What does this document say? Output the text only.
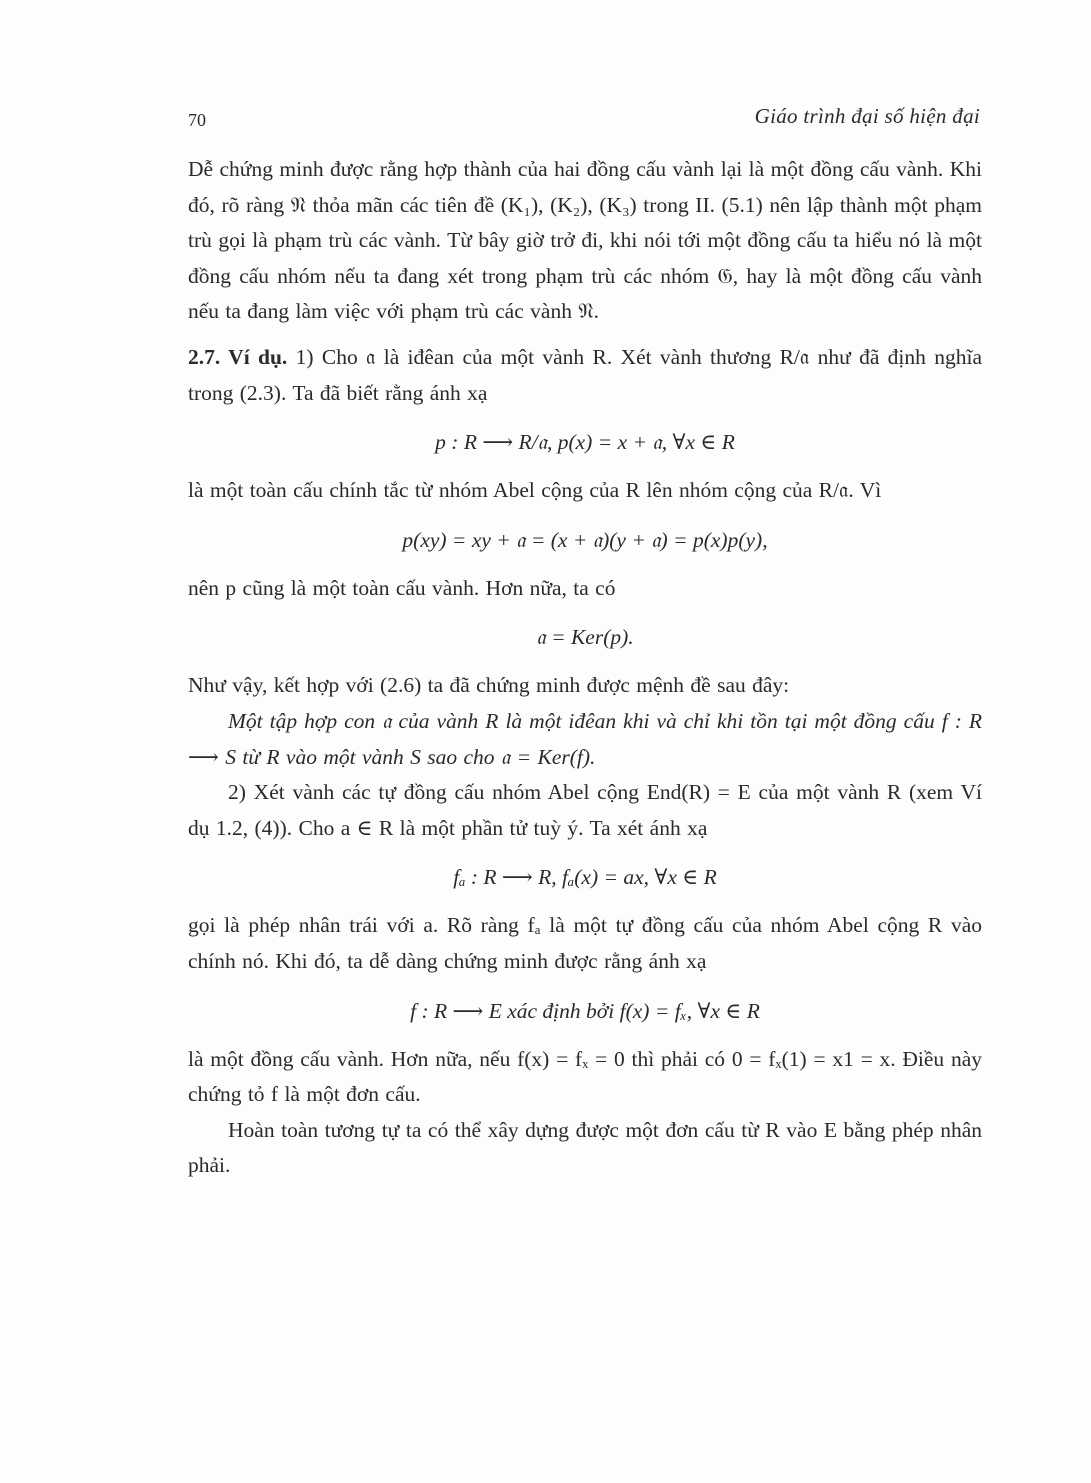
70	Giáo trình đại số hiện đại

Dễ chứng minh được rằng hợp thành của hai đồng cấu vành lại là một đồng cấu vành. Khi đó, rõ ràng 𝔑 thỏa mãn các tiên đề (K₁), (K₂), (K₃) trong II. (5.1) nên lập thành một phạm trù gọi là phạm trù các vành. Từ bây giờ trở đi, khi nói tới một đồng cấu ta hiểu nó là một đồng cấu nhóm nếu ta đang xét trong phạm trù các nhóm 𝔊, hay là một đồng cấu vành nếu ta đang làm việc với phạm trù các vành 𝔑.

2.7. Ví dụ. 1) Cho 𝔞 là iđêan của một vành R. Xét vành thương R/𝔞 như đã định nghĩa trong (2.3). Ta đã biết rằng ánh xạ

p : R ⟶ R/𝔞, p(x) = x + 𝔞, ∀x ∈ R

là một toàn cấu chính tắc từ nhóm Abel cộng của R lên nhóm cộng của R/𝔞. Vì

p(xy) = xy + 𝔞 = (x + 𝔞)(y + 𝔞) = p(x)p(y),

nên p cũng là một toàn cấu vành. Hơn nữa, ta có

𝔞 = Ker(p).

Như vậy, kết hợp với (2.6) ta đã chứng minh được mệnh đề sau đây:

Một tập hợp con 𝔞 của vành R là một iđêan khi và chỉ khi tồn tại một đồng cấu f : R ⟶ S từ R vào một vành S sao cho 𝔞 = Ker(f).

2) Xét vành các tự đồng cấu nhóm Abel cộng End(R) = E của một vành R (xem Ví dụ 1.2, (4)). Cho a ∈ R là một phần tử tuỳ ý. Ta xét ánh xạ

fₐ : R ⟶ R, fₐ(x) = ax, ∀x ∈ R

gọi là phép nhân trái với a. Rõ ràng fₐ là một tự đồng cấu của nhóm Abel cộng R vào chính nó. Khi đó, ta dễ dàng chứng minh được rằng ánh xạ

f : R ⟶ E xác định bởi f(x) = fₓ, ∀x ∈ R

là một đồng cấu vành. Hơn nữa, nếu f(x) = fₓ = 0 thì phải có 0 = fₓ(1) = x1 = x. Điều này chứng tỏ f là một đơn cấu.

Hoàn toàn tương tự ta có thể xây dựng được một đơn cấu từ R vào E bằng phép nhân phải.
